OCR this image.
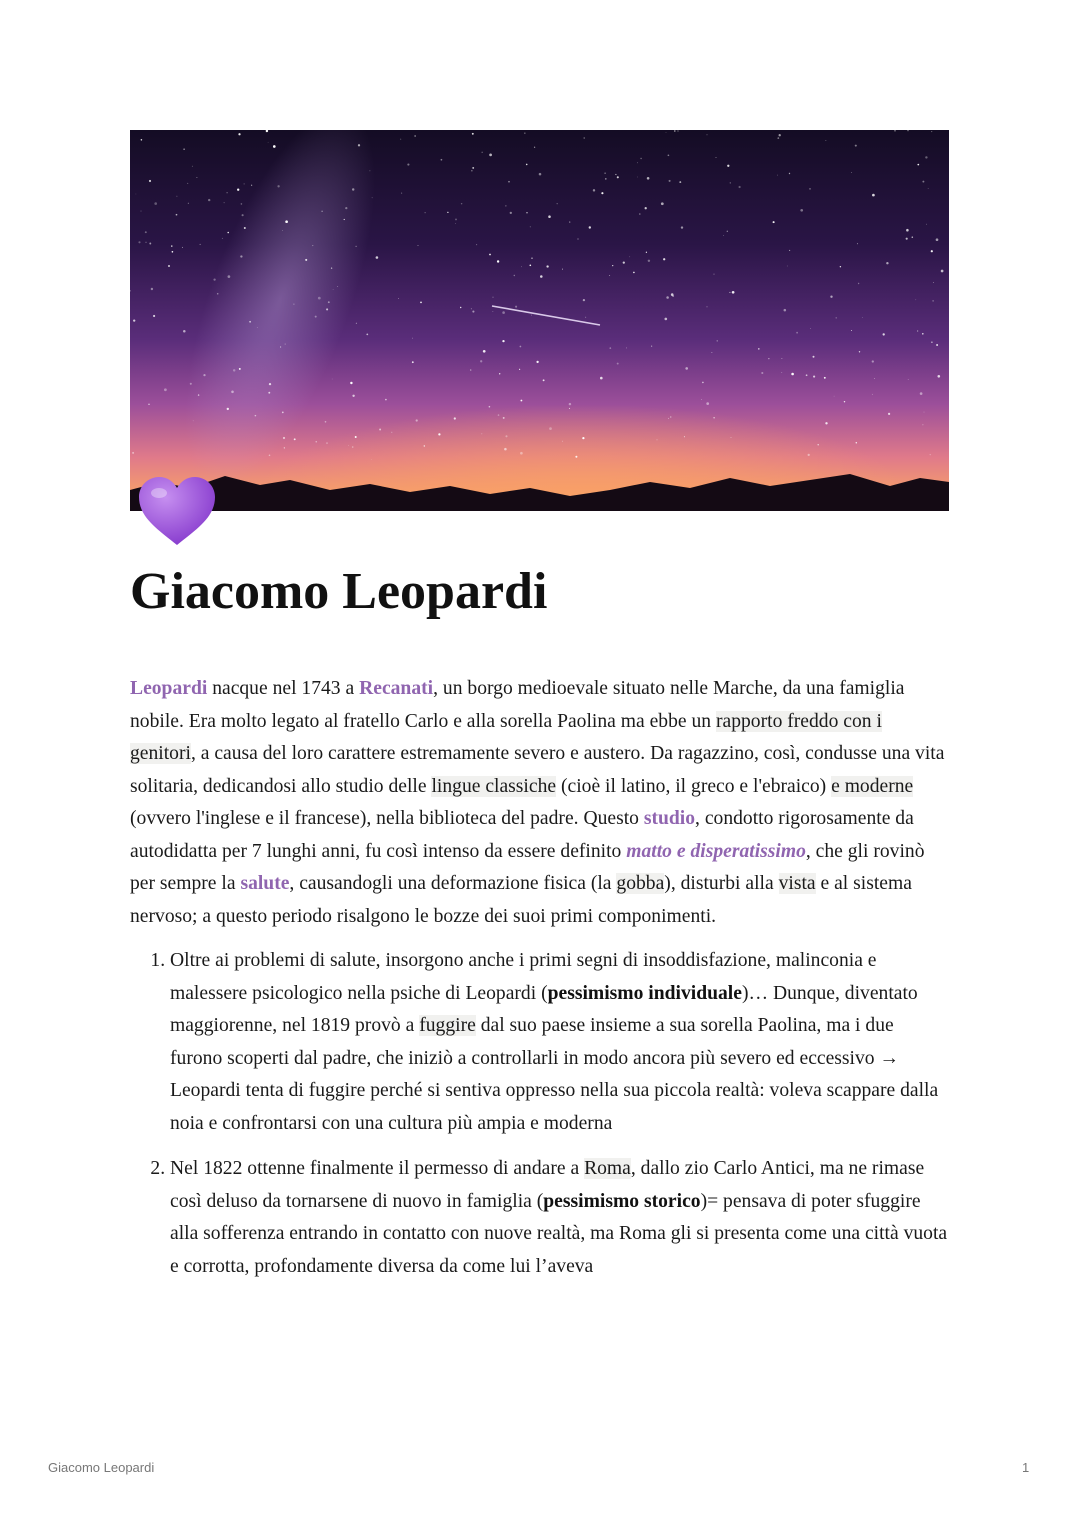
Giacomo Leopardi

Leopardi nacque nel 1743 a Recanati, un borgo medioevale situato nelle Marche, da una famiglia nobile. Era molto legato al fratello Carlo e alla sorella Paolina ma ebbe un rapporto freddo con i genitori, a causa del loro carattere estremamente severo e austero. Da ragazzino, così, condusse una vita solitaria, dedicandosi allo studio delle lingue classiche (cioè il latino, il greco e l'ebraico) e moderne (ovvero l'inglese e il francese), nella biblioteca del padre. Questo studio, condotto rigorosamente da autodidatta per 7 lunghi anni, fu così intenso da essere definito matto e disperatissimo, che gli rovinò per sempre la salute, causandogli una deformazione fisica (la gobba), disturbi alla vista e al sistema nervoso; a questo periodo risalgono le bozze dei suoi primi componimenti.

1. Oltre ai problemi di salute, insorgono anche i primi segni di insoddisfazione, malinconia e malessere psicologico nella psiche di Leopardi (pessimismo individuale)… Dunque, diventato maggiorenne, nel 1819 provò a fuggire dal suo paese insieme a sua sorella Paolina, ma i due furono scoperti dal padre, che iniziò a controllarli in modo ancora più severo ed eccessivo → Leopardi tenta di fuggire perché si sentiva oppresso nella sua piccola realtà: voleva scappare dalla noia e confrontarsi con una cultura più ampia e moderna
2. Nel 1822 ottenne finalmente il permesso di andare a Roma, dallo zio Carlo Antici, ma ne rimase così deluso da tornarsene di nuovo in famiglia (pessimismo storico)= pensava di poter sfuggire alla sofferenza entrando in contatto con nuove realtà, ma Roma gli si presenta come una città vuota e corrotta, profondamente diversa da come lui l’aveva
Giacomo Leopardi	1
